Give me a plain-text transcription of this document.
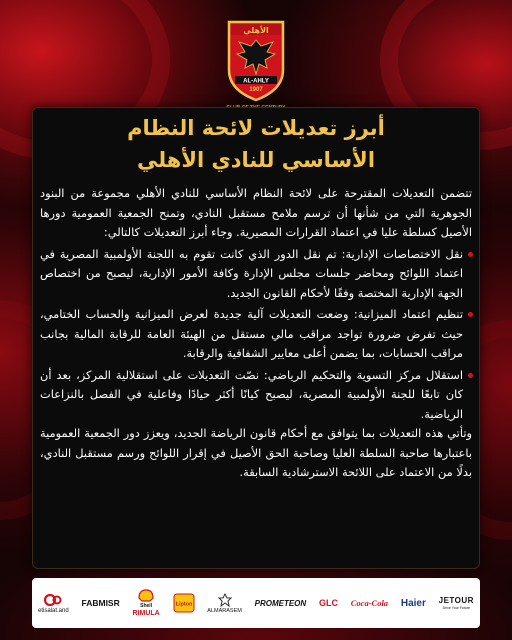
الأهلي
AL-AHLY
1907
أبرز تعديلات لائحة النظام
الأساسي للنادي الأهلي

تتضمن التعديلات المقترحة على لائحة النظام الأساسي للنادي الأهلي مجموعة من البنود الجوهرية التي من شأنها أن ترسم ملامح مستقبل النادي، وتمنح الجمعية العمومية دورها الأصيل كسلطة عليا في اعتماد القرارات المصيرية. وجاء أبرز التعديلات كالتالي:

نقل الاختصاصات الإدارية: تم نقل الدور الذي كانت تقوم به اللجنة الأولمبية المصرية في اعتماد اللوائح ومحاضر جلسات مجلس الإدارة وكافة الأمور الإدارية، ليصبح من اختصاص الجهة الإدارية المختصة وفقًا لأحكام القانون الجديد.

تنظيم اعتماد الميزانية: وضعت التعديلات آلية جديدة لعرض الميزانية والحساب الختامي، حيث تفرض ضرورة تواجد مراقب مالي مستقل من الهيئة العامة للرقابة المالية بجانب مراقب الحسابات، بما يضمن أعلى معايير الشفافية والرقابة.

استقلال مركز التسوية والتحكيم الرياضي: نصّت التعديلات على استقلالية المركز، بعد أن كان تابعًا للجنة الأولمبية المصرية، ليصبح كيانًا أكثر حيادًا وفاعلية في الفصل بالنزاعات الرياضية.

وتأتي هذه التعديلات بما يتوافق مع أحكام قانون الرياضة الجديد، ويعزز دور الجمعية العمومية باعتبارها صاحبة السلطة العليا وصاحبة الحق الأصيل في إقرار اللوائح ورسم مستقبل النادي، بدلًا من الاعتماد على اللائحة الاسترشادية السابقة.

etisalat.and
FABMISR	Shell
RIMULA
Lipton
ALMARASEM
PROMETEON GLC Coca-Cola Haier JETOUR
Drive Your Future
